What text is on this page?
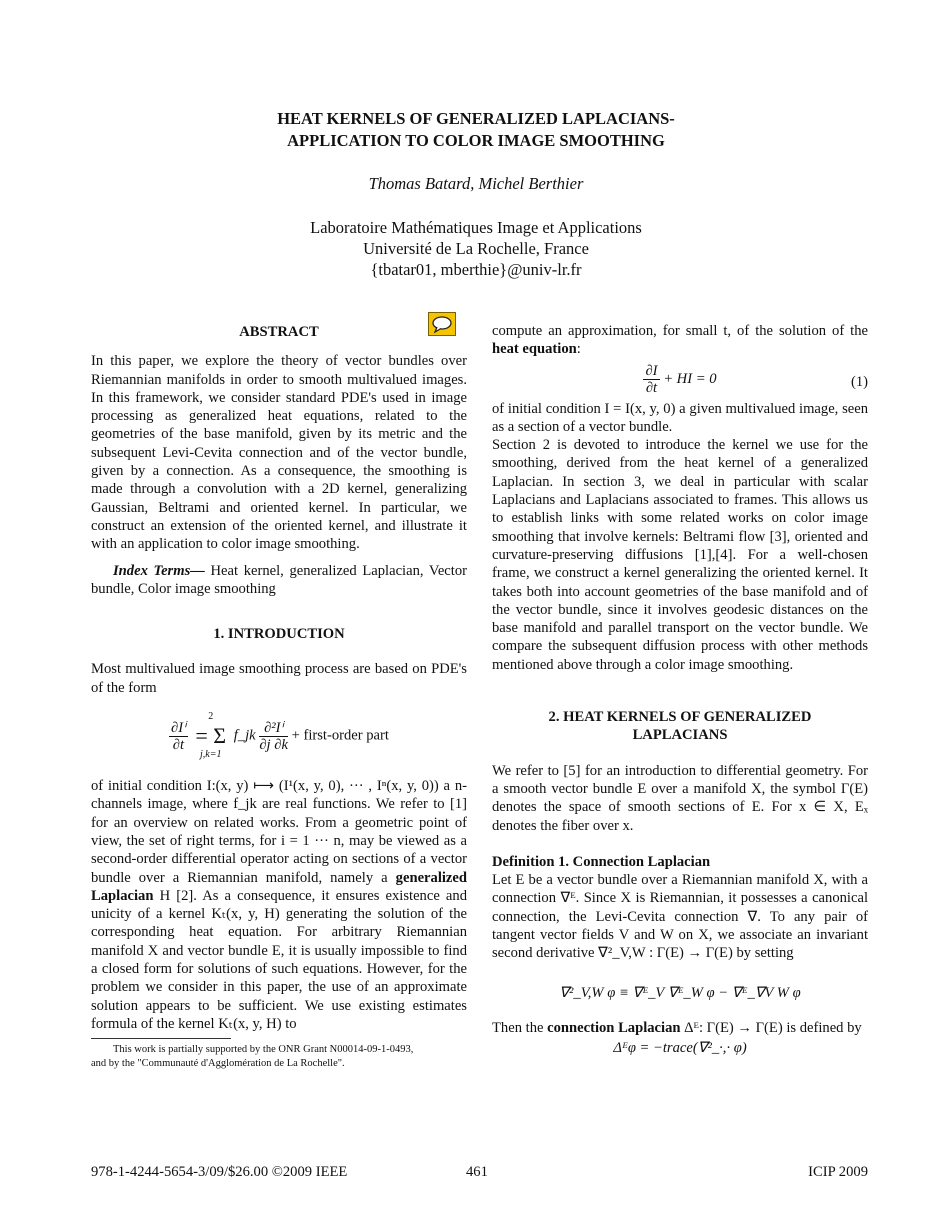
HEAT KERNELS OF GENERALIZED LAPLACIANS-
APPLICATION TO COLOR IMAGE SMOOTHING
Thomas Batard, Michel Berthier
Laboratoire Mathématiques Image et Applications
Université de La Rochelle, France
{tbatar01, mberthie}@univ-lr.fr

ABSTRACT

In this paper, we explore the theory of vector bundles over Riemannian manifolds in order to smooth multivalued images. In this framework, we consider standard PDE's used in image processing as generalized heat equations, related to the geometries of the base manifold, given by its metric and the subsequent Levi-Cevita connection and of the vector bundle, given by a connection. As a consequence, the smoothing is made through a convolution with a 2D kernel, generalizing Gaussian, Beltrami and oriented kernel. In particular, we construct an extension of the oriented kernel, and illustrate it with an application to color image smoothing.

Index Terms— Heat kernel, generalized Laplacian, Vector bundle, Color image smoothing

1. INTRODUCTION

Most multivalued image smoothing process are based on PDE's of the form

$\frac{\text{∂Iⁱ}}{\partial t}$

2
= Σ
j,k=1
f_jk $\frac{\text{∂²Iⁱ}}{\partial j \partial k}$ + first-order part

of initial condition I:(x, y) ⟼ (I¹(x, y, 0), ··· , Iⁿ(x, y, 0)) a n-channels image, where f_jk are real functions. We refer to [1] for an overview on related works. From a geometric point of view, the set of right terms, for i = 1 ··· n, may be viewed as a second-order differential operator acting on sections of a vector bundle over a Riemannian manifold, namely a generalized Laplacian H [2]. As a consequence, it ensures existence and unicity of a kernel Kₜ(x, y, H) generating the solution of the corresponding heat equation. For arbitrary Riemannian manifold X and vector bundle E, it is usually impossible to find a closed form for solutions of such equations. However, for the problem we consider in this paper, the use of an approximate solution appears to be sufficient. We use existing estimates formula of the kernel Kₜ(x, y, H) to

This work is partially supported by the ONR Grant N00014-09-1-0493,
and by the "Communauté d'Agglomération de La Rochelle".

compute an approximation, for small t, of the solution of the heat equation:

$\frac{\partial I}{\partial t}$ + HI = 0	(1)

of initial condition I = I(x, y, 0) a given multivalued image, seen as a section of a vector bundle.

Section 2 is devoted to introduce the kernel we use for the smoothing, derived from the heat kernel of a generalized Laplacian. In section 3, we deal in particular with scalar Laplacians and Laplacians associated to frames. This allows us to establish links with some related works on color image smoothing that involve kernels: Beltrami flow [3], oriented and curvature-preserving diffusions [1],[4]. For a well-chosen frame, we construct a kernel generalizing the oriented kernel. It takes both into account geometries of the base manifold and of the vector bundle, since it involves geodesic distances on the base manifold and parallel transport on the vector bundle. We compare the subsequent diffusion process with other methods mentioned above through a color image smoothing.

2. HEAT KERNELS OF GENERALIZED
LAPLACIANS

We refer to [5] for an introduction to differential geometry. For a smooth vector bundle E over a manifold X, the symbol Γ(E) denotes the space of smooth sections of E. For x ∈ X, Eₓ denotes the fiber over x.

Definition 1. Connection Laplacian

Let E be a vector bundle over a Riemannian manifold X, with a connection ∇ᴱ. Since X is Riemannian, it possesses a canonical connection, the Levi-Cevita connection ∇. To any pair of tangent vector fields V and W on X, we associate an invariant second derivative ∇²_V,W : Γ(E) → Γ(E) by setting

∇²_V,W φ ≡ ∇ᴱ_V ∇ᴱ_W φ − ∇ᴱ_∇V W φ

Then the connection Laplacian Δᴱ: Γ(E) → Γ(E) is defined by

Δᴱφ = −trace(∇²_·,· φ)
978-1-4244-5654-3/09/$26.00 ©2009 IEEE	461	ICIP 2009
